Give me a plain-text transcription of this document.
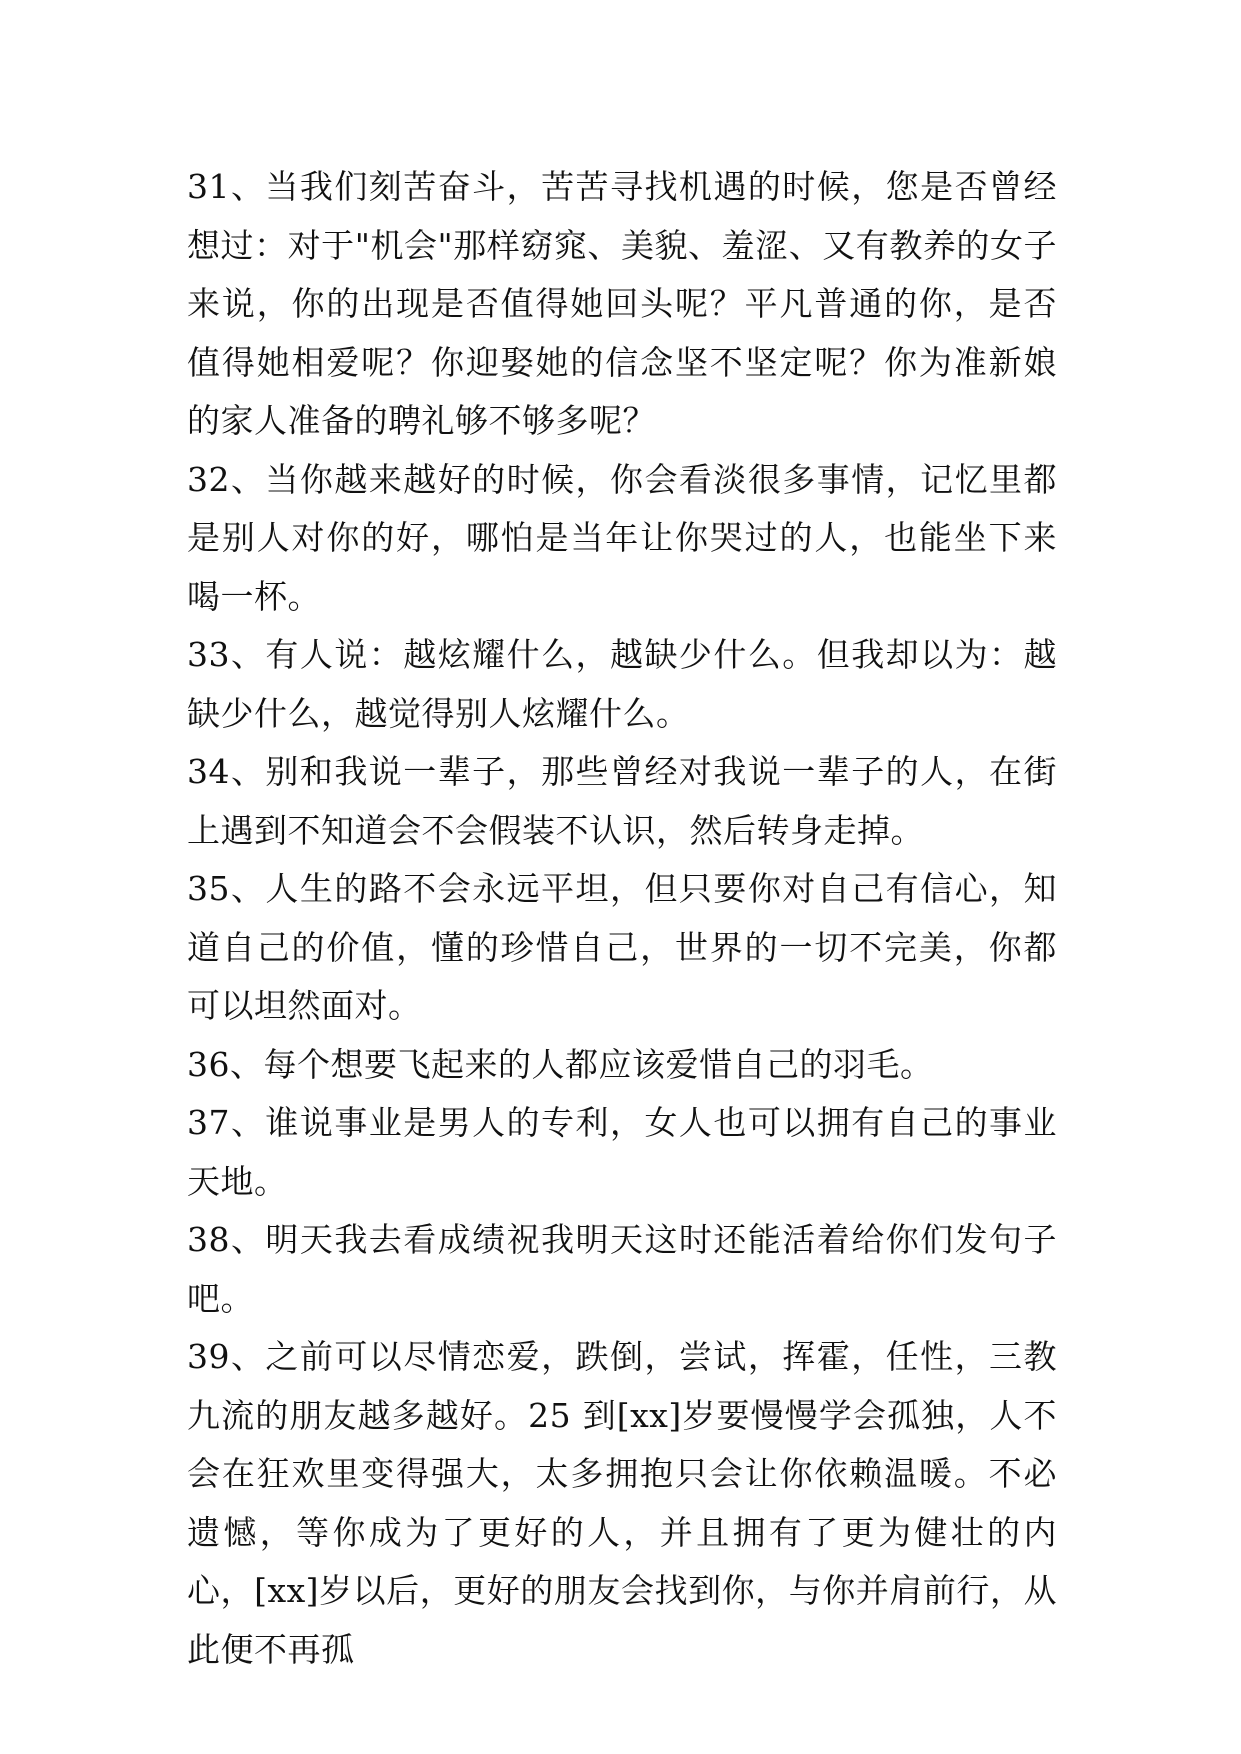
31、当我们刻苦奋斗，苦苦寻找机遇的时候，您是否曾经想过：对于"机会"那样窈窕、美貌、羞涩、又有教养的女子来说，你的出现是否值得她回头呢？平凡普通的你，是否值得她相爱呢？你迎娶她的信念坚不坚定呢？你为准新娘的家人准备的聘礼够不够多呢？

32、当你越来越好的时候，你会看淡很多事情，记忆里都是别人对你的好，哪怕是当年让你哭过的人，也能坐下来喝一杯。

33、有人说：越炫耀什么，越缺少什么。但我却以为：越缺少什么，越觉得别人炫耀什么。

34、别和我说一辈子，那些曾经对我说一辈子的人，在街上遇到不知道会不会假装不认识，然后转身走掉。

35、人生的路不会永远平坦，但只要你对自己有信心，知道自己的价值，懂的珍惜自己，世界的一切不完美，你都可以坦然面对。

36、每个想要飞起来的人都应该爱惜自己的羽毛。

37、谁说事业是男人的专利，女人也可以拥有自己的事业天地。

38、明天我去看成绩祝我明天这时还能活着给你们发句子吧。

39、之前可以尽情恋爱，跌倒，尝试，挥霍，任性，三教九流的朋友越多越好。25 到[xx]岁要慢慢学会孤独，人不会在狂欢里变得强大，太多拥抱只会让你依赖温暖。不必遗憾，等你成为了更好的人，并且拥有了更为健壮的内心，[xx]岁以后，更好的朋友会找到你，与你并肩前行，从此便不再孤
